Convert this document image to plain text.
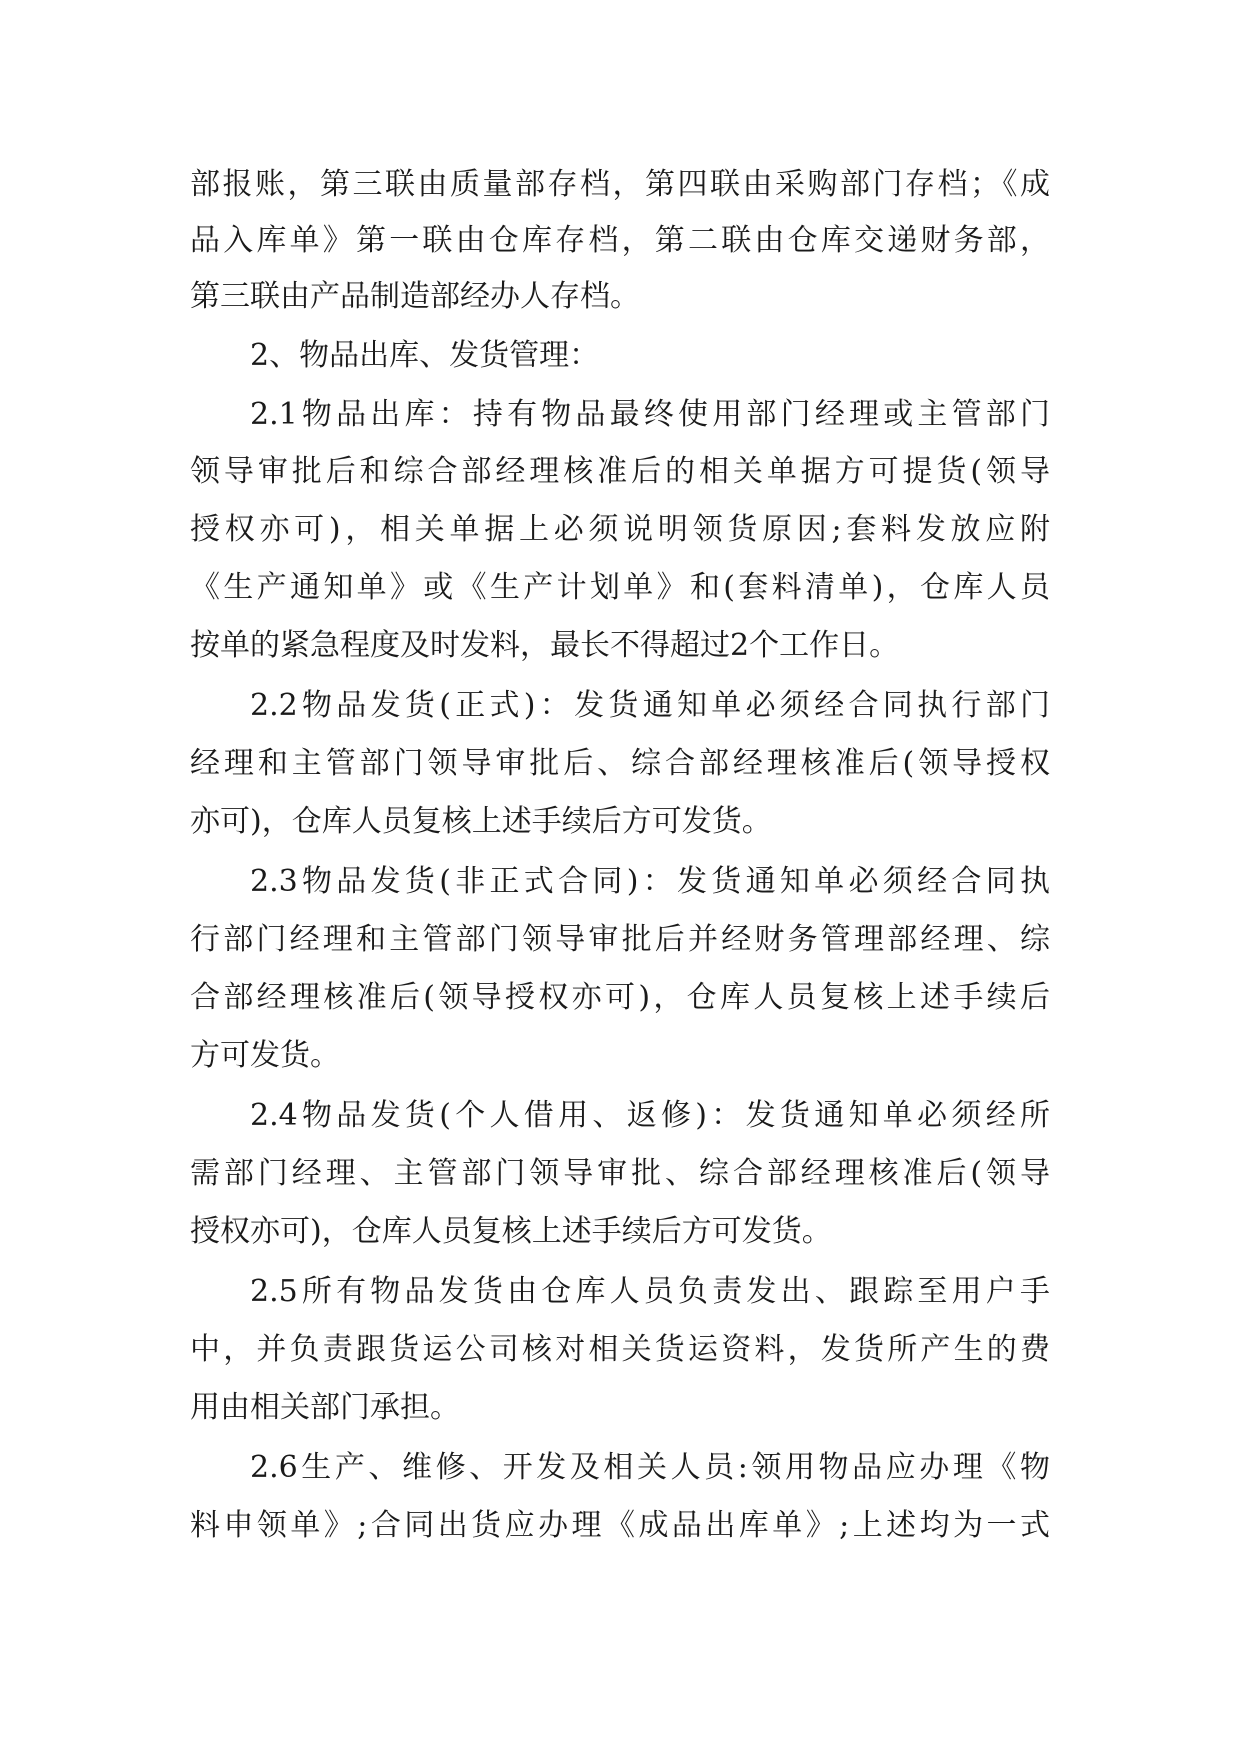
部报账，第三联由质量部存档，第四联由采购部门存档；《成
品入库单》第一联由仓库存档，第二联由仓库交递财务部，
第三联由产品制造部经办人存档。
2、物品出库、发货管理：
2.1物品出库：持有物品最终使用部门经理或主管部门
领导审批后和综合部经理核准后的相关单据方可提货(领导
授权亦可)，相关单据上必须说明领货原因;套料发放应附
《生产通知单》或《生产计划单》和(套料清单)，仓库人员
按单的紧急程度及时发料，最长不得超过2个工作日。
2.2物品发货(正式)：发货通知单必须经合同执行部门
经理和主管部门领导审批后、综合部经理核准后(领导授权
亦可)，仓库人员复核上述手续后方可发货。
2.3物品发货(非正式合同)：发货通知单必须经合同执
行部门经理和主管部门领导审批后并经财务管理部经理、综
合部经理核准后(领导授权亦可)，仓库人员复核上述手续后
方可发货。
2.4物品发货(个人借用、返修)：发货通知单必须经所
需部门经理、主管部门领导审批、综合部经理核准后(领导
授权亦可)，仓库人员复核上述手续后方可发货。
2.5所有物品发货由仓库人员负责发出、跟踪至用户手
中，并负责跟货运公司核对相关货运资料，发货所产生的费
用由相关部门承担。
2.6生产、维修、开发及相关人员:领用物品应办理《物
料申领单》;合同出货应办理《成品出库单》;上述均为一式
